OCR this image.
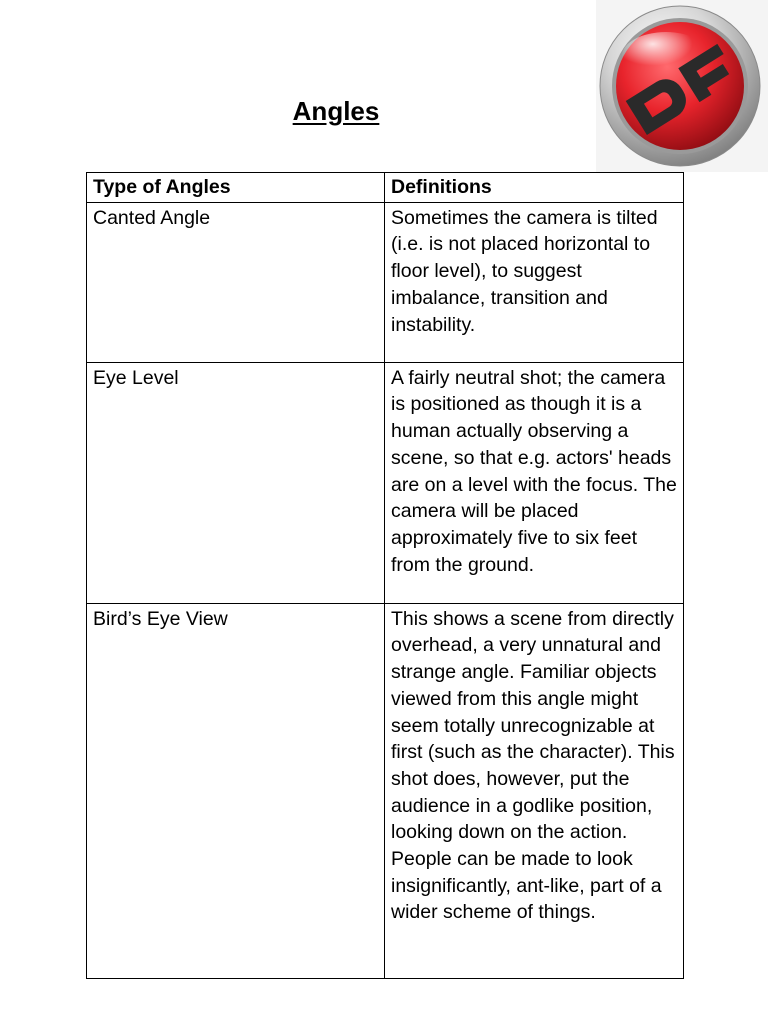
Angles
Type of Angles	Definitions
Canted Angle	Sometimes the camera is tilted (i.e. is not placed horizontal to floor level), to suggest imbalance, transition and instability.
Eye Level	A fairly neutral shot; the camera is positioned as though it is a human actually observing a scene, so that e.g. actors' heads are on a level with the focus. The camera will be placed approximately five to six feet from the ground.
Bird’s Eye View	This shows a scene from directly overhead, a very unnatural and strange angle. Familiar objects viewed from this angle might seem totally unrecognizable at first (such as the character). This shot does, however, put the audience in a godlike position, looking down on the action. People can be made to look insignificantly, ant-like, part of a wider scheme of things.
